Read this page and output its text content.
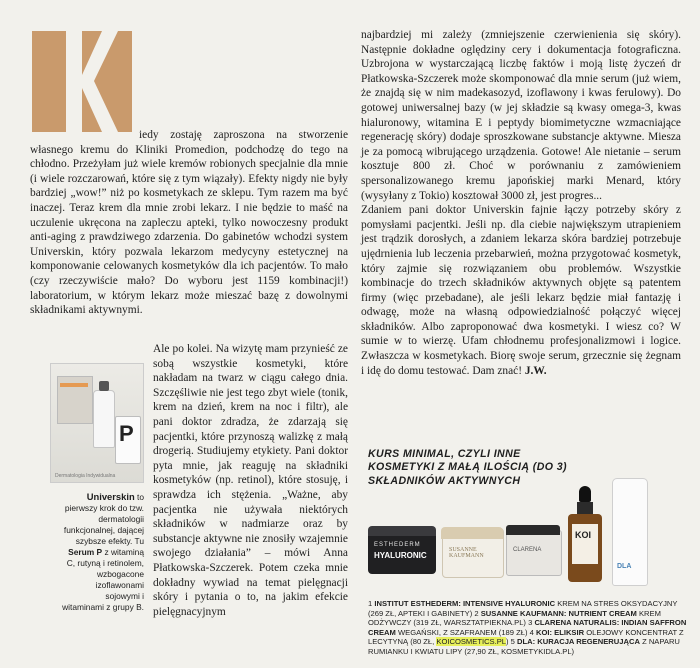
iedy zostaję zaproszona na stworzenie własnego kremu do Kliniki Promedion, podchodzę do tego na chłodno. Przeżyłam już wiele kremów robionych specjalnie dla mnie (i wiele rozczarowań, które się z tym wiązały). Efekty nigdy nie były bardziej „wow!” niż po kosmetykach ze sklepu. Tym razem ma być inaczej. Teraz krem dla mnie zrobi lekarz. I nie będzie to maść na uczulenie ukręcona na zapleczu apteki, tylko nowoczesny produkt anti-aging z prawdziwego zdarzenia. Do gabinetów wchodzi system Universkin, który pozwala lekarzom medycyny estetycznej na komponowanie celowanych kosmetyków dla ich pacjentów. To mało (czy rzeczywiście mało? Do wyboru jest 1159 kombinacji!) laboratorium, w którym lekarz może mieszać bazę z dowolnymi składnikami aktywnymi.

P
Dermatologia Indywidualna
Universkin to pierwszy krok do tzw. dermatologii funkcjonalnej, dającej szybsze efekty. Tu Serum P z witaminą C, rutyną i retinolem, wzbogacone izoflawonami sojowymi i witaminami z grupy B.

Ale po kolei. Na wizytę mam przynieść ze sobą wszystkie kosmetyki, które nakładam na twarz w ciągu całego dnia. Szczęśliwie nie jest tego zbyt wiele (tonik, krem na dzień, krem na noc i filtr), ale pani doktor zdradza, że zdarzają się pacjentki, które przynoszą walizkę z małą drogerią. Studiujemy etykiety. Pani doktor pyta mnie, jak reaguję na składniki kosmetyków (np. retinol), które stosuję, i sprawdza ich stężenia. „Ważne, aby pacjentka nie używała niektórych składników w nadmiarze oraz by substancje aktywne nie znosiły wzajemnie swojego działania” – mówi Anna Płatkowska-Szczerek. Potem czeka mnie dokładny wywiad na temat pielęgnacji skóry i pytania o to, na jakim efekcie pielęgnacyjnym

najbardziej mi zależy (zmniejszenie czerwienienia się skóry). Następnie dokładne oględziny cery i dokumentacja fotograficzna. Uzbrojona w wystarczającą liczbę faktów i moją listę życzeń dr Płatkowska-Szczerek może skomponować dla mnie serum (już wiem, że znajdą się w nim madekasozyd, izoflawony i kwas ferulowy). Do gotowej uniwersalnej bazy (w jej składzie są kwasy omega-3, kwas hialuronowy, witamina E i peptydy biomimetyczne wzmacniające regenerację skóry) dodaje sproszkowane substancje aktywne. Miesza je za pomocą wibrującego urządzenia. Gotowe! Ale nietanie – serum kosztuje 800 zł. Choć w porównaniu z zamówieniem spersonalizowanego kremu japońskiej marki Menard, który (wysyłany z Tokio) kosztował 3000 zł, jest progres...

Zdaniem pani doktor Universkin fajnie łączy potrzeby skóry z pomysłami pacjentki. Jeśli np. dla ciebie największym utrapieniem jest trądzik dorosłych, a zdaniem lekarza skóra bardziej potrzebuje ujędrnienia lub leczenia przebarwień, można przygotować kosmetyk, który zajmie się rozwiązaniem obu problemów. Wszystkie kombinacje do trzech składników aktywnych objęte są patentem firmy (więc przebadane), ale jeśli lekarz będzie miał fantazję i odwagę, może na własną odpowiedzialność połączyć więcej składników. Albo zaproponować dwa kosmetyki. I wiesz co? W sumie w to wierzę. Ufam chłodnemu profesjonalizmowi i logice. Zwłaszcza w kosmetykach. Biorę swoje serum, grzecznie się żegnam i idę do domu testować. Dam znać! J.W.

KURS MINIMAL, CZYLI INNE KOSMETYKI Z MAŁĄ ILOŚCIĄ (DO 3) SKŁADNIKÓW AKTYWNYCH
ESTHEDERM
HYALURONIC
SUSANNE KAUFMANN
CLARENA
KOI
DLA
1 INSTITUT ESTHEDERM: INTENSIVE HYALURONIC KREM NA STRES OKSYDACYJNY (269 ZŁ, APTEKI I GABINETY) 2 SUSANNE KAUFMANN: NUTRIENT CREAM KREM ODŻYWCZY (319 ZŁ, WARSZTATPIEKNA.PL) 3 CLARENA NATURALIS: INDIAN SAFFRON CREAM WEGAŃSKI, Z SZAFRANEM (189 ZŁ) 4 KOI: ELIKSIR OLEJOWY KONCENTRAT Z LECYTYNĄ (80 ZŁ, KOICOSMETICS.PL) 5 DLA: KURACJA REGENERUJĄCA Z NAPARU RUMIANKU I KWIATU LIPY (27,90 ZŁ, KOSMETYKIDLA.PL)
